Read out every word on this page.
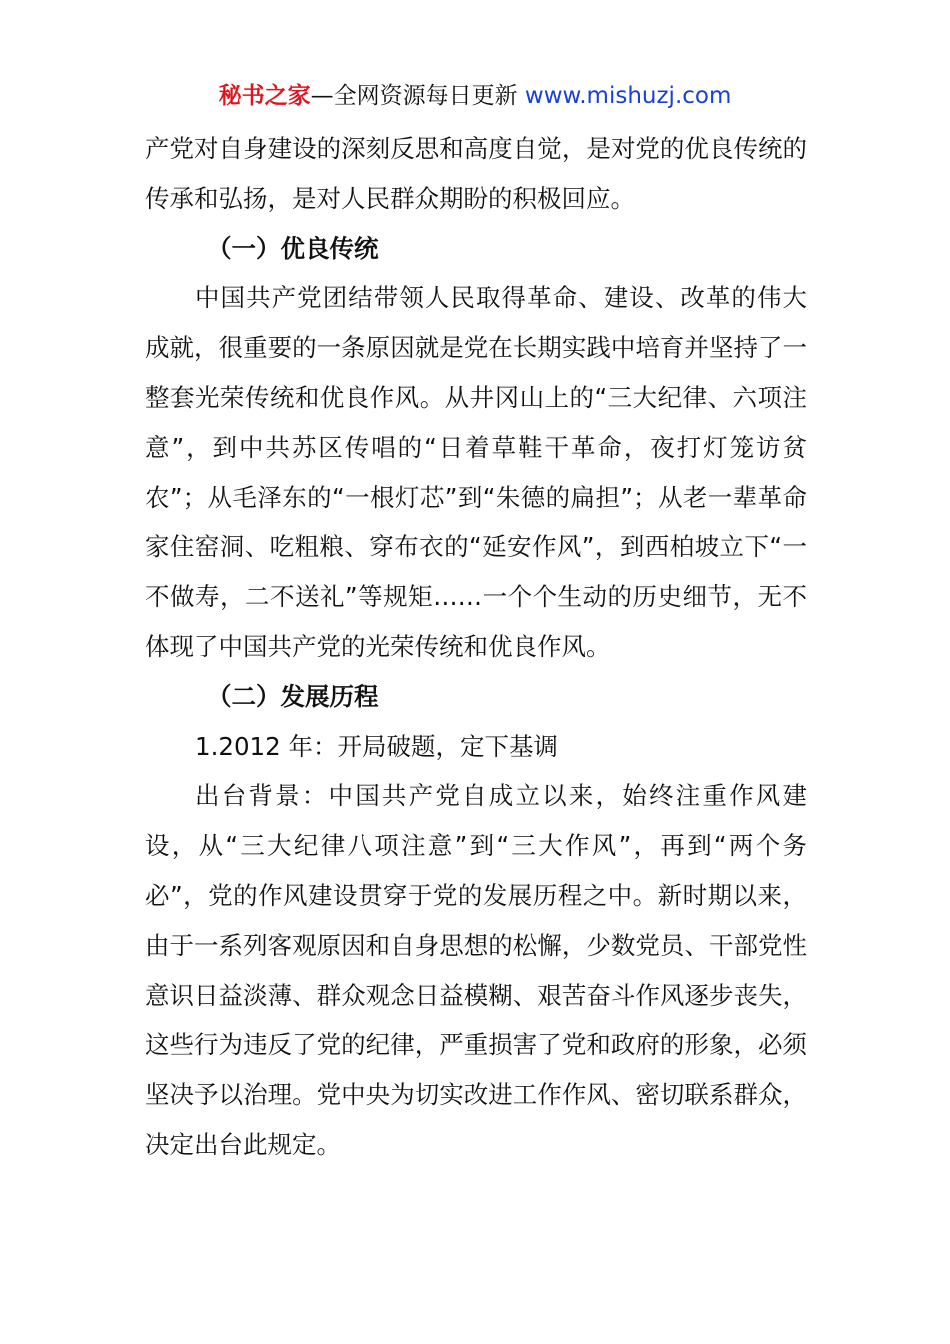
秘书之家—全网资源每日更新 www.mishuzj.com

产党对自身建设的深刻反思和高度自觉，是对党的优良传统的传承和弘扬，是对人民群众期盼的积极回应。

（一）优良传统

中国共产党团结带领人民取得革命、建设、改革的伟大成就，很重要的一条原因就是党在长期实践中培育并坚持了一整套光荣传统和优良作风。从井冈山上的“三大纪律、六项注意”，到中共苏区传唱的“日着草鞋干革命，夜打灯笼访贫农”；从毛泽东的“一根灯芯”到“朱德的扁担”；从老一辈革命家住窑洞、吃粗粮、穿布衣的“延安作风”，到西柏坡立下“一不做寿，二不送礼”等规矩……一个个生动的历史细节，无不体现了中国共产党的光荣传统和优良作风。

（二）发展历程

1.2012 年：开局破题，定下基调

出台背景：中国共产党自成立以来，始终注重作风建设，从“三大纪律八项注意”到“三大作风”，再到“两个务必”，党的作风建设贯穿于党的发展历程之中。新时期以来，由于一系列客观原因和自身思想的松懈，少数党员、干部党性意识日益淡薄、群众观念日益模糊、艰苦奋斗作风逐步丧失，这些行为违反了党的纪律，严重损害了党和政府的形象，必须坚决予以治理。党中央为切实改进工作作风、密切联系群众，决定出台此规定。
